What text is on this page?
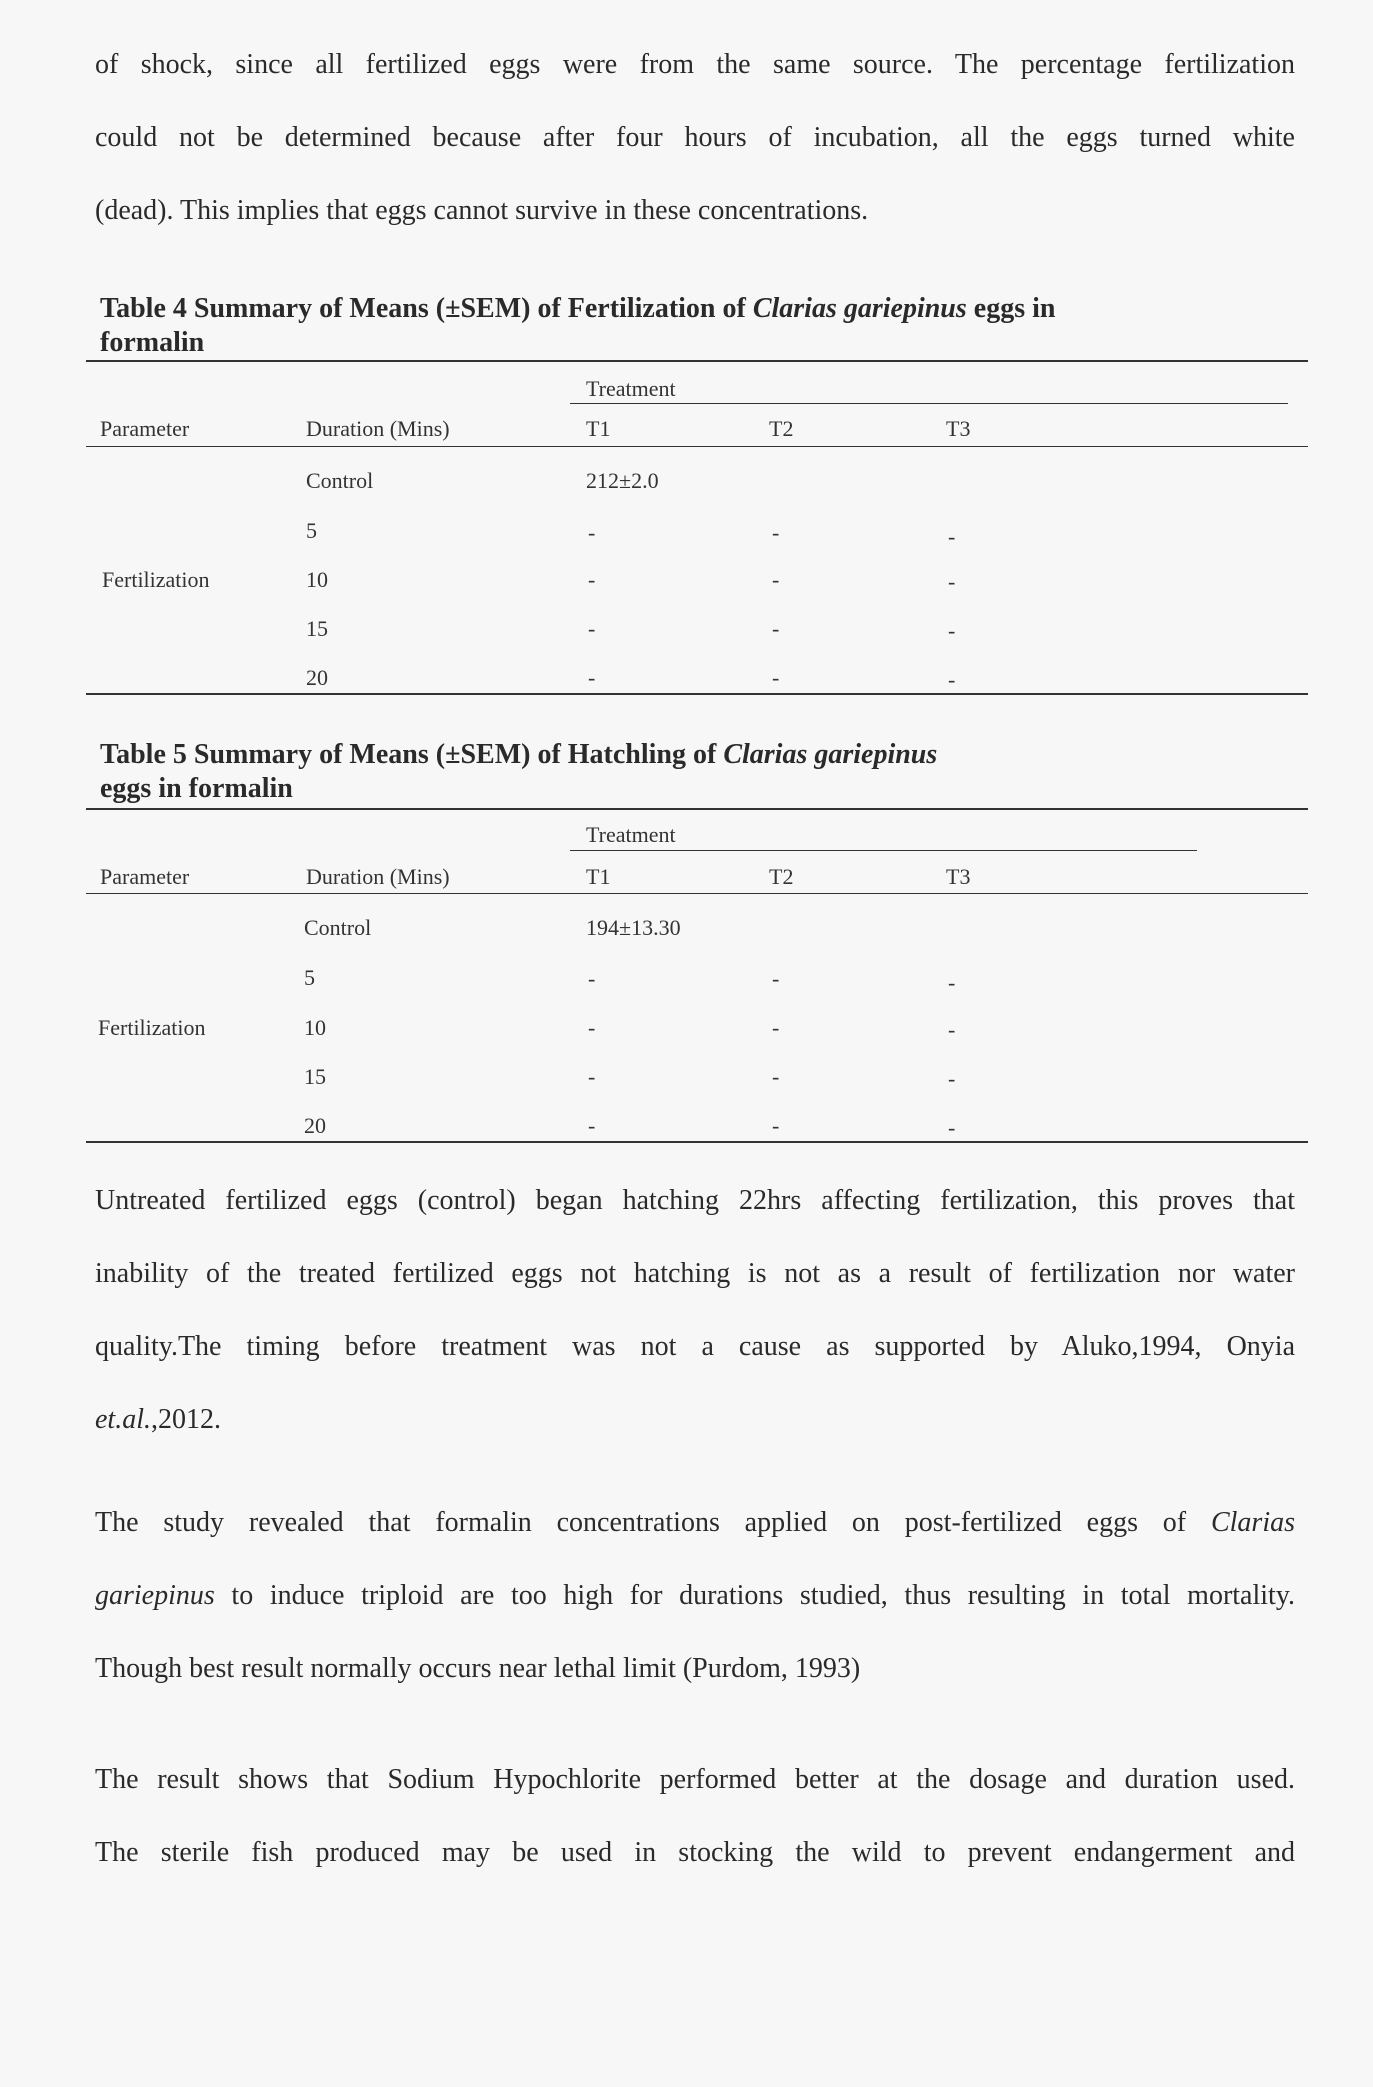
of shock, since all fertilized eggs were from the same source. The percentage fertilization
could not be determined because after four hours of incubation, all the eggs turned white
(dead). This implies that eggs cannot survive in these concentrations.
Table 4 Summary of Means (±SEM) of Fertilization of Clarias gariepinus eggs in
formalin
Treatment
Parameter	Duration (Mins)	T1	T2	T3
Fertilization
Control	212±2.0
5	-	-	-
10	-	-	-
15	-	-	-
20	-	-	-
Table 5 Summary of Means (±SEM) of Hatchling of Clarias gariepinus
eggs in formalin
Treatment
Parameter	Duration (Mins)	T1	T2	T3
Fertilization
Control	194±13.30
5	-	-	-
10	-	-	-
15	-	-	-
20	-	-	-
Untreated fertilized eggs (control) began hatching 22hrs affecting fertilization, this proves that
inability of the treated fertilized eggs not hatching is not as a result of fertilization nor water
quality.The timing before treatment was not a cause as supported by Aluko,1994, Onyia
et.al.,2012.
The study revealed that formalin concentrations applied on post-fertilized eggs of Clarias
gariepinus to induce triploid are too high for durations studied, thus resulting in total mortality.
Though best result normally occurs near lethal limit (Purdom, 1993)
The result shows that Sodium Hypochlorite performed better at the dosage and duration used.
The sterile fish produced may be used in stocking the wild to prevent endangerment and
